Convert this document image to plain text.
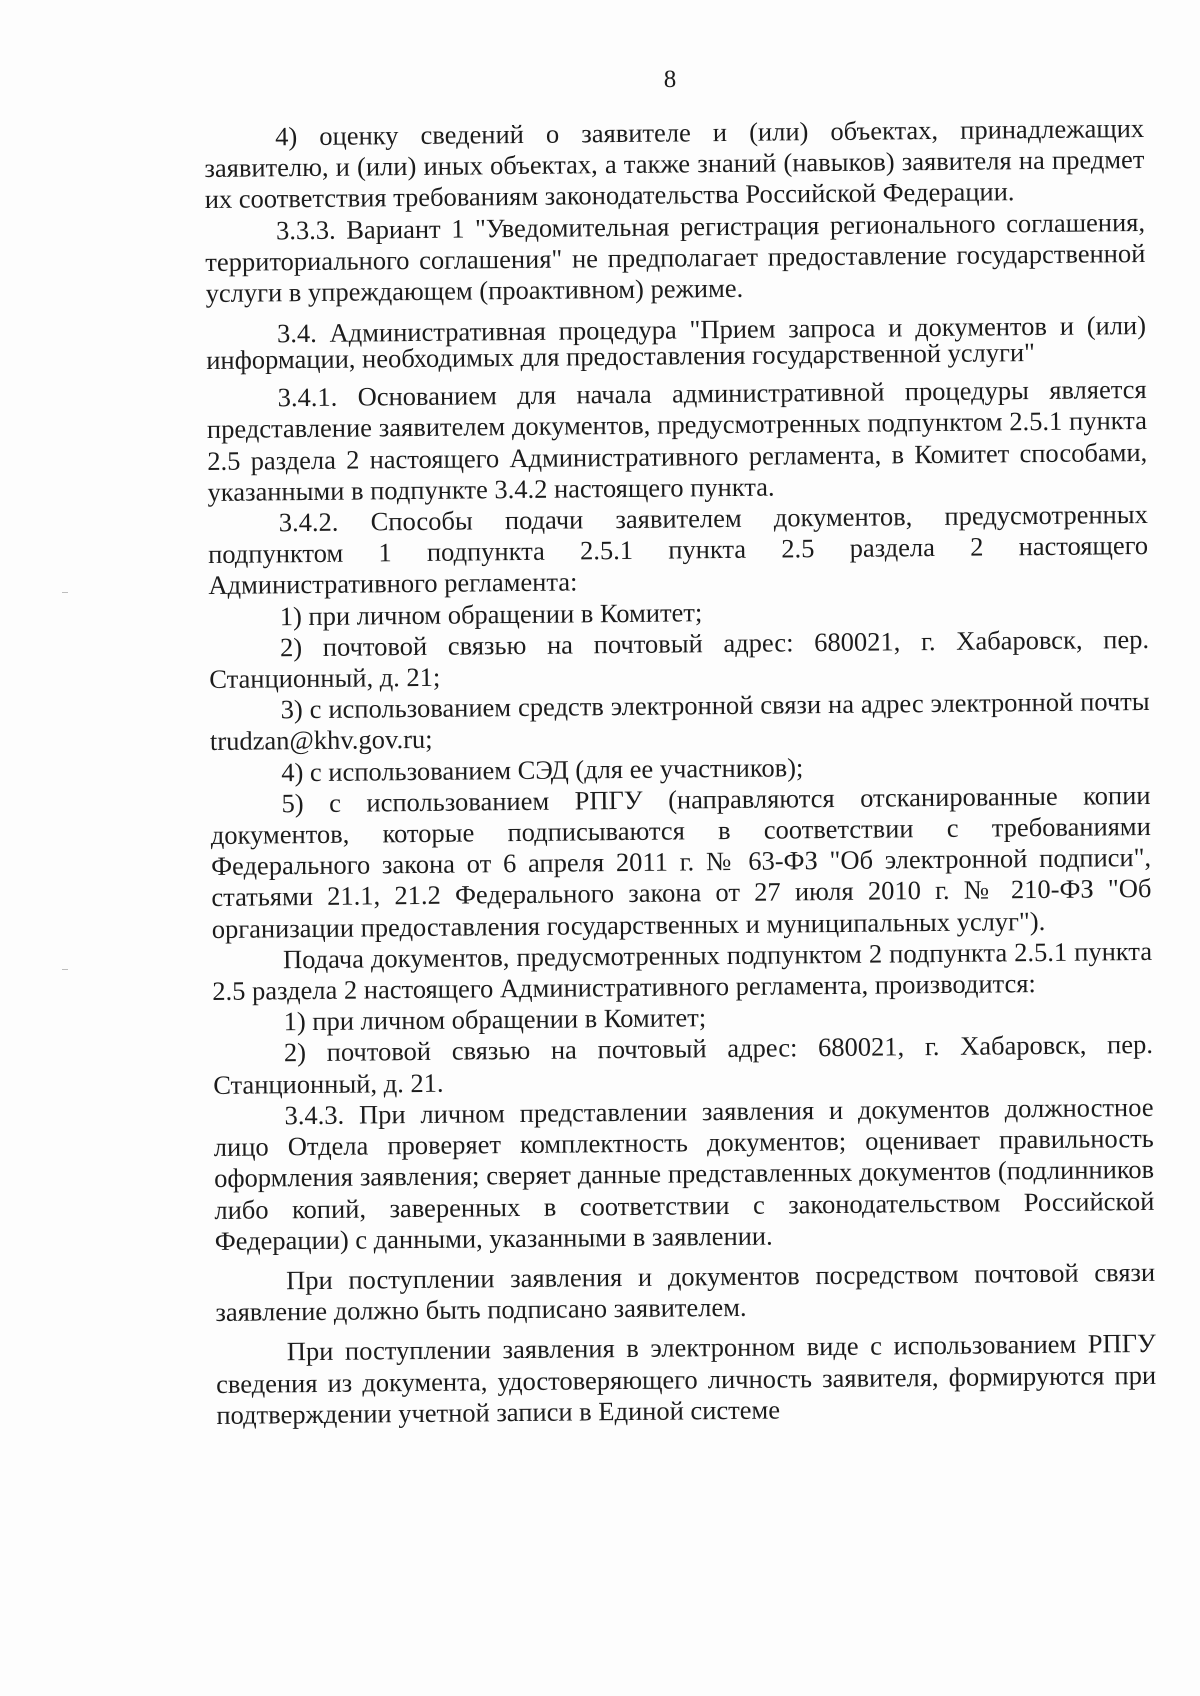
8

4) оценку сведений о заявителе и (или) объектах, принадлежащих заявителю, и (или) иных объектах, а также знаний (навыков) заявителя на предмет их соответствия требованиям законодательства Российской Федерации.

3.3.3. Вариант 1 "Уведомительная регистрация регионального соглашения, территориального соглашения" не предполагает предоставление государственной услуги в упреждающем (проактивном) режиме.

3.4. Административная процедура "Прием запроса и документов и (или) информации, необходимых для предоставления государственной услуги"

3.4.1. Основанием для начала административной процедуры является представление заявителем документов, предусмотренных подпунктом 2.5.1 пункта 2.5 раздела 2 настоящего Административного регламента, в Комитет способами, указанными в подпункте 3.4.2 настоящего пункта.

3.4.2. Способы подачи заявителем документов, предусмотренных подпунктом 1 подпункта 2.5.1 пункта 2.5 раздела 2 настоящего Административного регламента:

1) при личном обращении в Комитет;

2) почтовой связью на почтовый адрес: 680021, г. Хабаровск, пер. Станционный, д. 21;

3) с использованием средств электронной связи на адрес электронной почты trudzan@khv.gov.ru;

4) с использованием СЭД (для ее участников);

5) с использованием РПГУ (направляются отсканированные копии документов, которые подписываются в соответствии с требованиями Федерального закона от 6 апреля 2011 г. № 63-ФЗ "Об электронной подписи", статьями 21.1, 21.2 Федерального закона от 27 июля 2010 г. № 210-ФЗ "Об организации предоставления государственных и муниципальных услуг").

Подача документов, предусмотренных подпунктом 2 подпункта 2.5.1 пункта 2.5 раздела 2 настоящего Административного регламента, производится:

1) при личном обращении в Комитет;

2) почтовой связью на почтовый адрес: 680021, г. Хабаровск, пер. Станционный, д. 21.

3.4.3. При личном представлении заявления и документов должностное лицо Отдела проверяет комплектность документов; оценивает правильность оформления заявления; сверяет данные представленных документов (подлинников либо копий, заверенных в соответствии с законодательством Российской Федерации) с данными, указанными в заявлении.

При поступлении заявления и документов посредством почтовой связи заявление должно быть подписано заявителем.

При поступлении заявления в электронном виде с использованием РПГУ сведения из документа, удостоверяющего личность заявителя, формируются при подтверждении учетной записи в Единой системе
